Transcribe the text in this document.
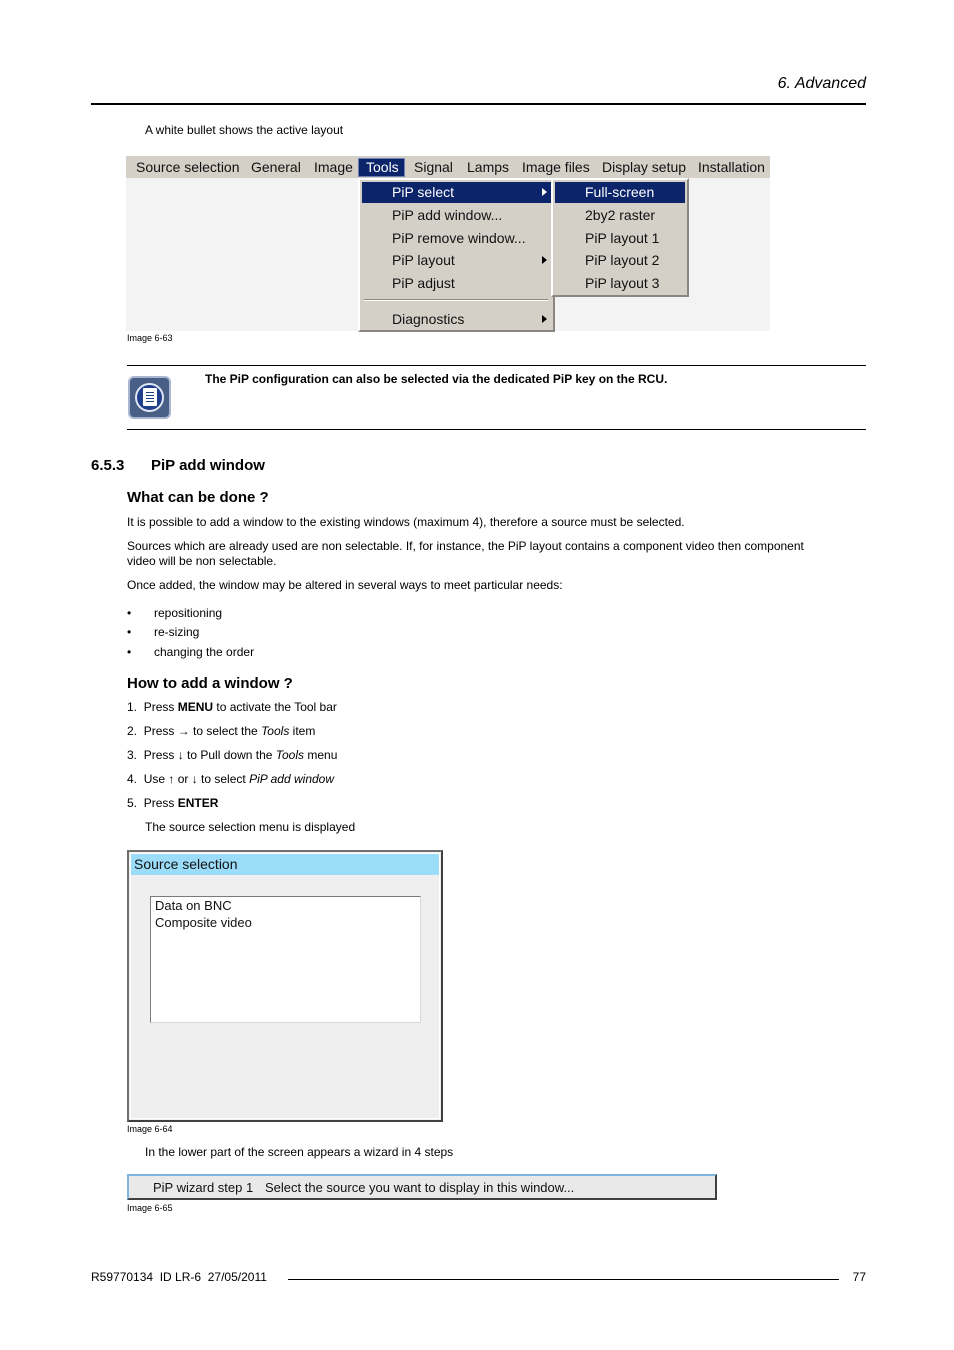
6. Advanced
A white bullet shows the active layout
Source selection General Image Tools	Signal Lamps Image files Display setup Installation
PiP select
PiP add window...
PiP remove window...
PiP layout
PiP adjust
Diagnostics
Full-screen
2by2 raster
PiP layout 1
PiP layout 2
PiP layout 3
Image 6-63
The PiP configuration can also be selected via the dedicated PiP key on the RCU.
6.5.3 PiP add window
What can be done ?
It is possible to add a window to the existing windows (maximum 4), therefore a source must be selected.
Sources which are already used are non selectable. If, for instance, the PiP layout contains a component video then component
video will be non selectable.
Once added, the window may be altered in several ways to meet particular needs:
• repositioning
• re-sizing
• changing the order
How to add a window ?
1. Press MENU to activate the Tool bar
2. Press → to select the Tools item
3. Press ↓ to Pull down the Tools menu
4. Use ↑ or ↓ to select PiP add window
5. Press ENTER
The source selection menu is displayed
Source selection
Data on BNC
Composite video
Image 6-64
In the lower part of the screen appears a wizard in 4 steps
PiP wizard step 1 Select the source you want to display in this window...
Image 6-65
R59770134  ID LR-6  27/05/2011	77
